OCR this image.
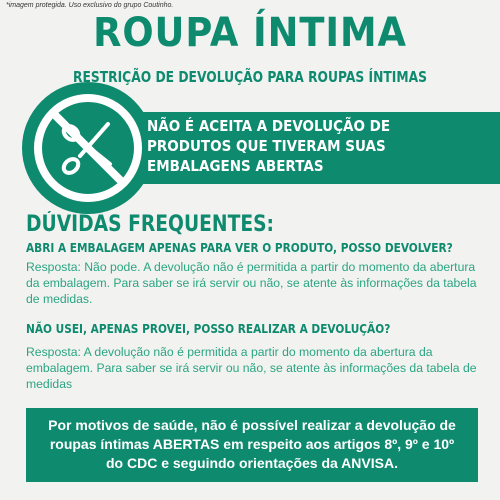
*imagem protegida. Uso exclusivo do grupo Coutinho.
ROUPA ÍNTIMA
RESTRIÇÃO DE DEVOLUÇÃO PARA ROUPAS ÍNTIMAS
NÃO É ACEITA A DEVOLUÇÃO DE
PRODUTOS QUE TIVERAM SUAS
EMBALAGENS ABERTAS
DÚVIDAS FREQUENTES:
ABRI A EMBALAGEM APENAS PARA VER O PRODUTO, POSSO DEVOLVER?
Resposta: Não pode. A devolução não é permitida a partir do momento da abertura da embalagem. Para saber se irá servir ou não, se atente às informações da tabela de medidas.
NÃO USEI, APENAS PROVEI, POSSO REALIZAR A DEVOLUÇÃO?
Resposta: A devolução não é permitida a partir do momento da abertura da embalagem. Para saber se irá servir ou não, se atente às informações da tabela de medidas
Por motivos de saúde, não é possível realizar a devolução de
roupas íntimas ABERTAS em respeito aos artigos 8º, 9º e 10º
do CDC e seguindo orientações da ANVISA.
